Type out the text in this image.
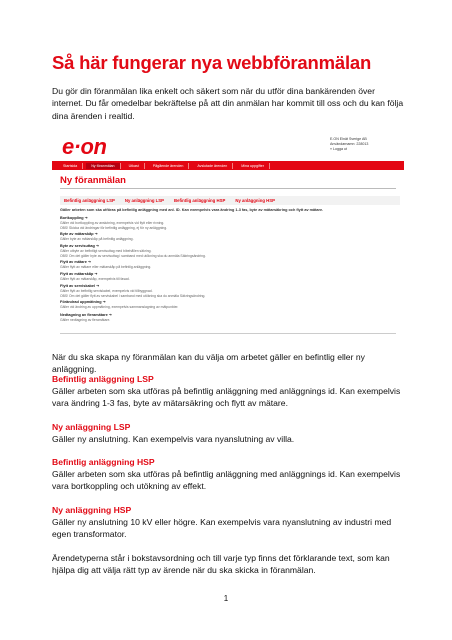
Så här fungerar nya webbföranmälan

Du gör din föranmälan lika enkelt och säkert som när du utför dina bankärenden över internet. Du får omedelbar bekräftelse på att din anmälan har kommit till oss och du kan följa dina ärenden i realtid.

e·on	E.ON Elnät Sverige AB
Användarnamn: 228013
» Logga ut
Startsida	Ny föranmälan	Utkast	Pågående ärenden	Avslutade ärenden	Mina uppgifter
Ny föranmälan
Befintlig anläggning LSP Ny anläggning LSP Befintlig anläggning HSP Ny anläggning HSP
Gäller arbeten som ska utföras på befintlig anläggning med anl. ID. Kan exempelvis vara ändring 1-3 fas, byte av mätarsäkring och flytt av mätare.
Bortkoppling ➔
Gäller vid bortkoppling av anslutning, exempelvis vid flytt eller rivning.
OBS! Skicka vid ändringar för befintlig anläggning, ej för ny anläggning.
Byte av mätarskåp ➔
Gäller byte av mätarskåp på befintlig anläggning.
Byte av servisuttag ➔
Gäller utbyte av befintligt servisuttag med bibehållen säkring.
OBS! Om det gäller byte av servisuttag i samband med utökning ska du anmäla Säkringsändring.
Flytt av mätare ➔
Gäller flytt av mätare eller mätarskåp på befintlig anläggning.
Flytt av mätarskåp ➔
Gäller flytt av mätarskåp, exempelvis till fasad.
Flytt av serviskabel ➔
Gäller flytt av befintlig serviskabel, exempelvis vid tillbyggnad.
OBS! Om det gäller flytt av serviskabel i samband med utökning ska du anmäla Säkringsändring.
Förändrad uppmätning ➔
Gäller vid ändring av uppmätning, exempelvis sammanslagning av mätpunkter.
Nedtagning av fleramätare ➔
Gäller nedtagning av fleramätare.

När du ska skapa ny föranmälan kan du välja om arbetet gäller en befintlig eller ny anläggning.

Befintlig anläggning LSP
Gäller arbeten som ska utföras på befintlig anläggning med anläggnings id. Kan exempelvis vara ändring 1-3 fas, byte av mätarsäkring och flytt av mätare.
Ny anläggning LSP
Gäller ny anslutning. Kan exempelvis vara nyanslutning av villa.
Befintlig anläggning HSP
Gäller arbeten som ska utföras på befintlig anläggning med anläggnings id. Kan exempelvis vara bortkoppling och utökning av effekt.
Ny anläggning HSP
Gäller ny anslutning 10 kV eller högre. Kan exempelvis vara nyanslutning av industri med egen transformator.

Ärendetyperna står i bokstavsordning och till varje typ finns det förklarande text, som kan hjälpa dig att välja rätt typ av ärende när du ska skicka in föranmälan.

1
